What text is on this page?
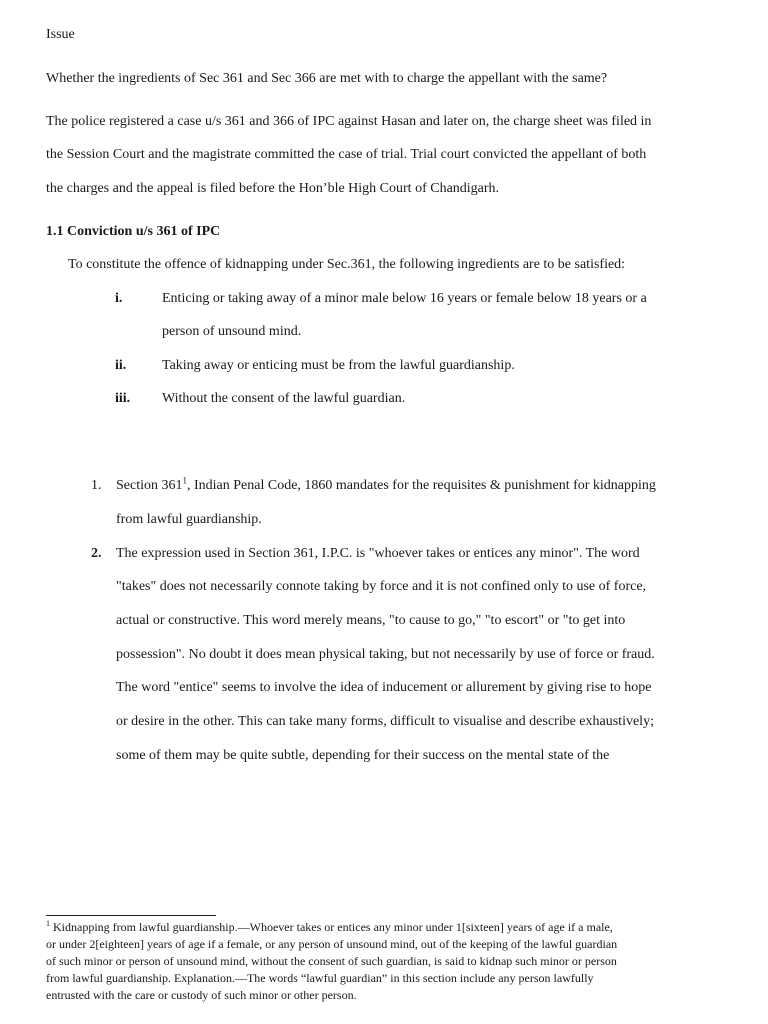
Issue
Whether the ingredients of Sec 361 and Sec 366 are met with to charge the appellant with the same?
The police registered a case u/s 361 and 366 of IPC against Hasan and later on, the charge sheet was filed in
the Session Court and the magistrate committed the case of trial. Trial court convicted the appellant of both
the charges and the appeal is filed before the Hon’ble High Court of Chandigarh.
1.1 Conviction u/s 361 of IPC
To constitute the offence of kidnapping under Sec.361, the following ingredients are to be satisfied:
i.	Enticing or taking away of a minor male below 16 years or female below 18 years or a
person of unsound mind.
ii.	Taking away or enticing must be from the lawful guardianship.
iii. Without the consent of the lawful guardian.
1. Section $361^1$, Indian Penal Code, 1860 mandates for the requisites & punishment for kidnapping
from lawful guardianship.
2. The expression used in Section 361, I.P.C. is "whoever takes or entices any minor". The word
"takes" does not necessarily connote taking by force and it is not confined only to use of force,
actual or constructive. This word merely means, "to cause to go," "to escort" or "to get into
possession". No doubt it does mean physical taking, but not necessarily by use of force or fraud.
The word "entice" seems to involve the idea of inducement or allurement by giving rise to hope
or desire in the other. This can take many forms, difficult to visualise and describe exhaustively;
some of them may be quite subtle, depending for their success on the mental state of the
$^1$ Kidnapping from lawful guardianship.—Whoever takes or entices any minor under 1[sixteen] years of age if a male,
or under 2[eighteen] years of age if a female, or any person of unsound mind, out of the keeping of the lawful guardian
of such minor or person of unsound mind, without the consent of such guardian, is said to kidnap such minor or person
from lawful guardianship. Explanation.—The words “lawful guardian” in this section include any person lawfully
entrusted with the care or custody of such minor or other person.
